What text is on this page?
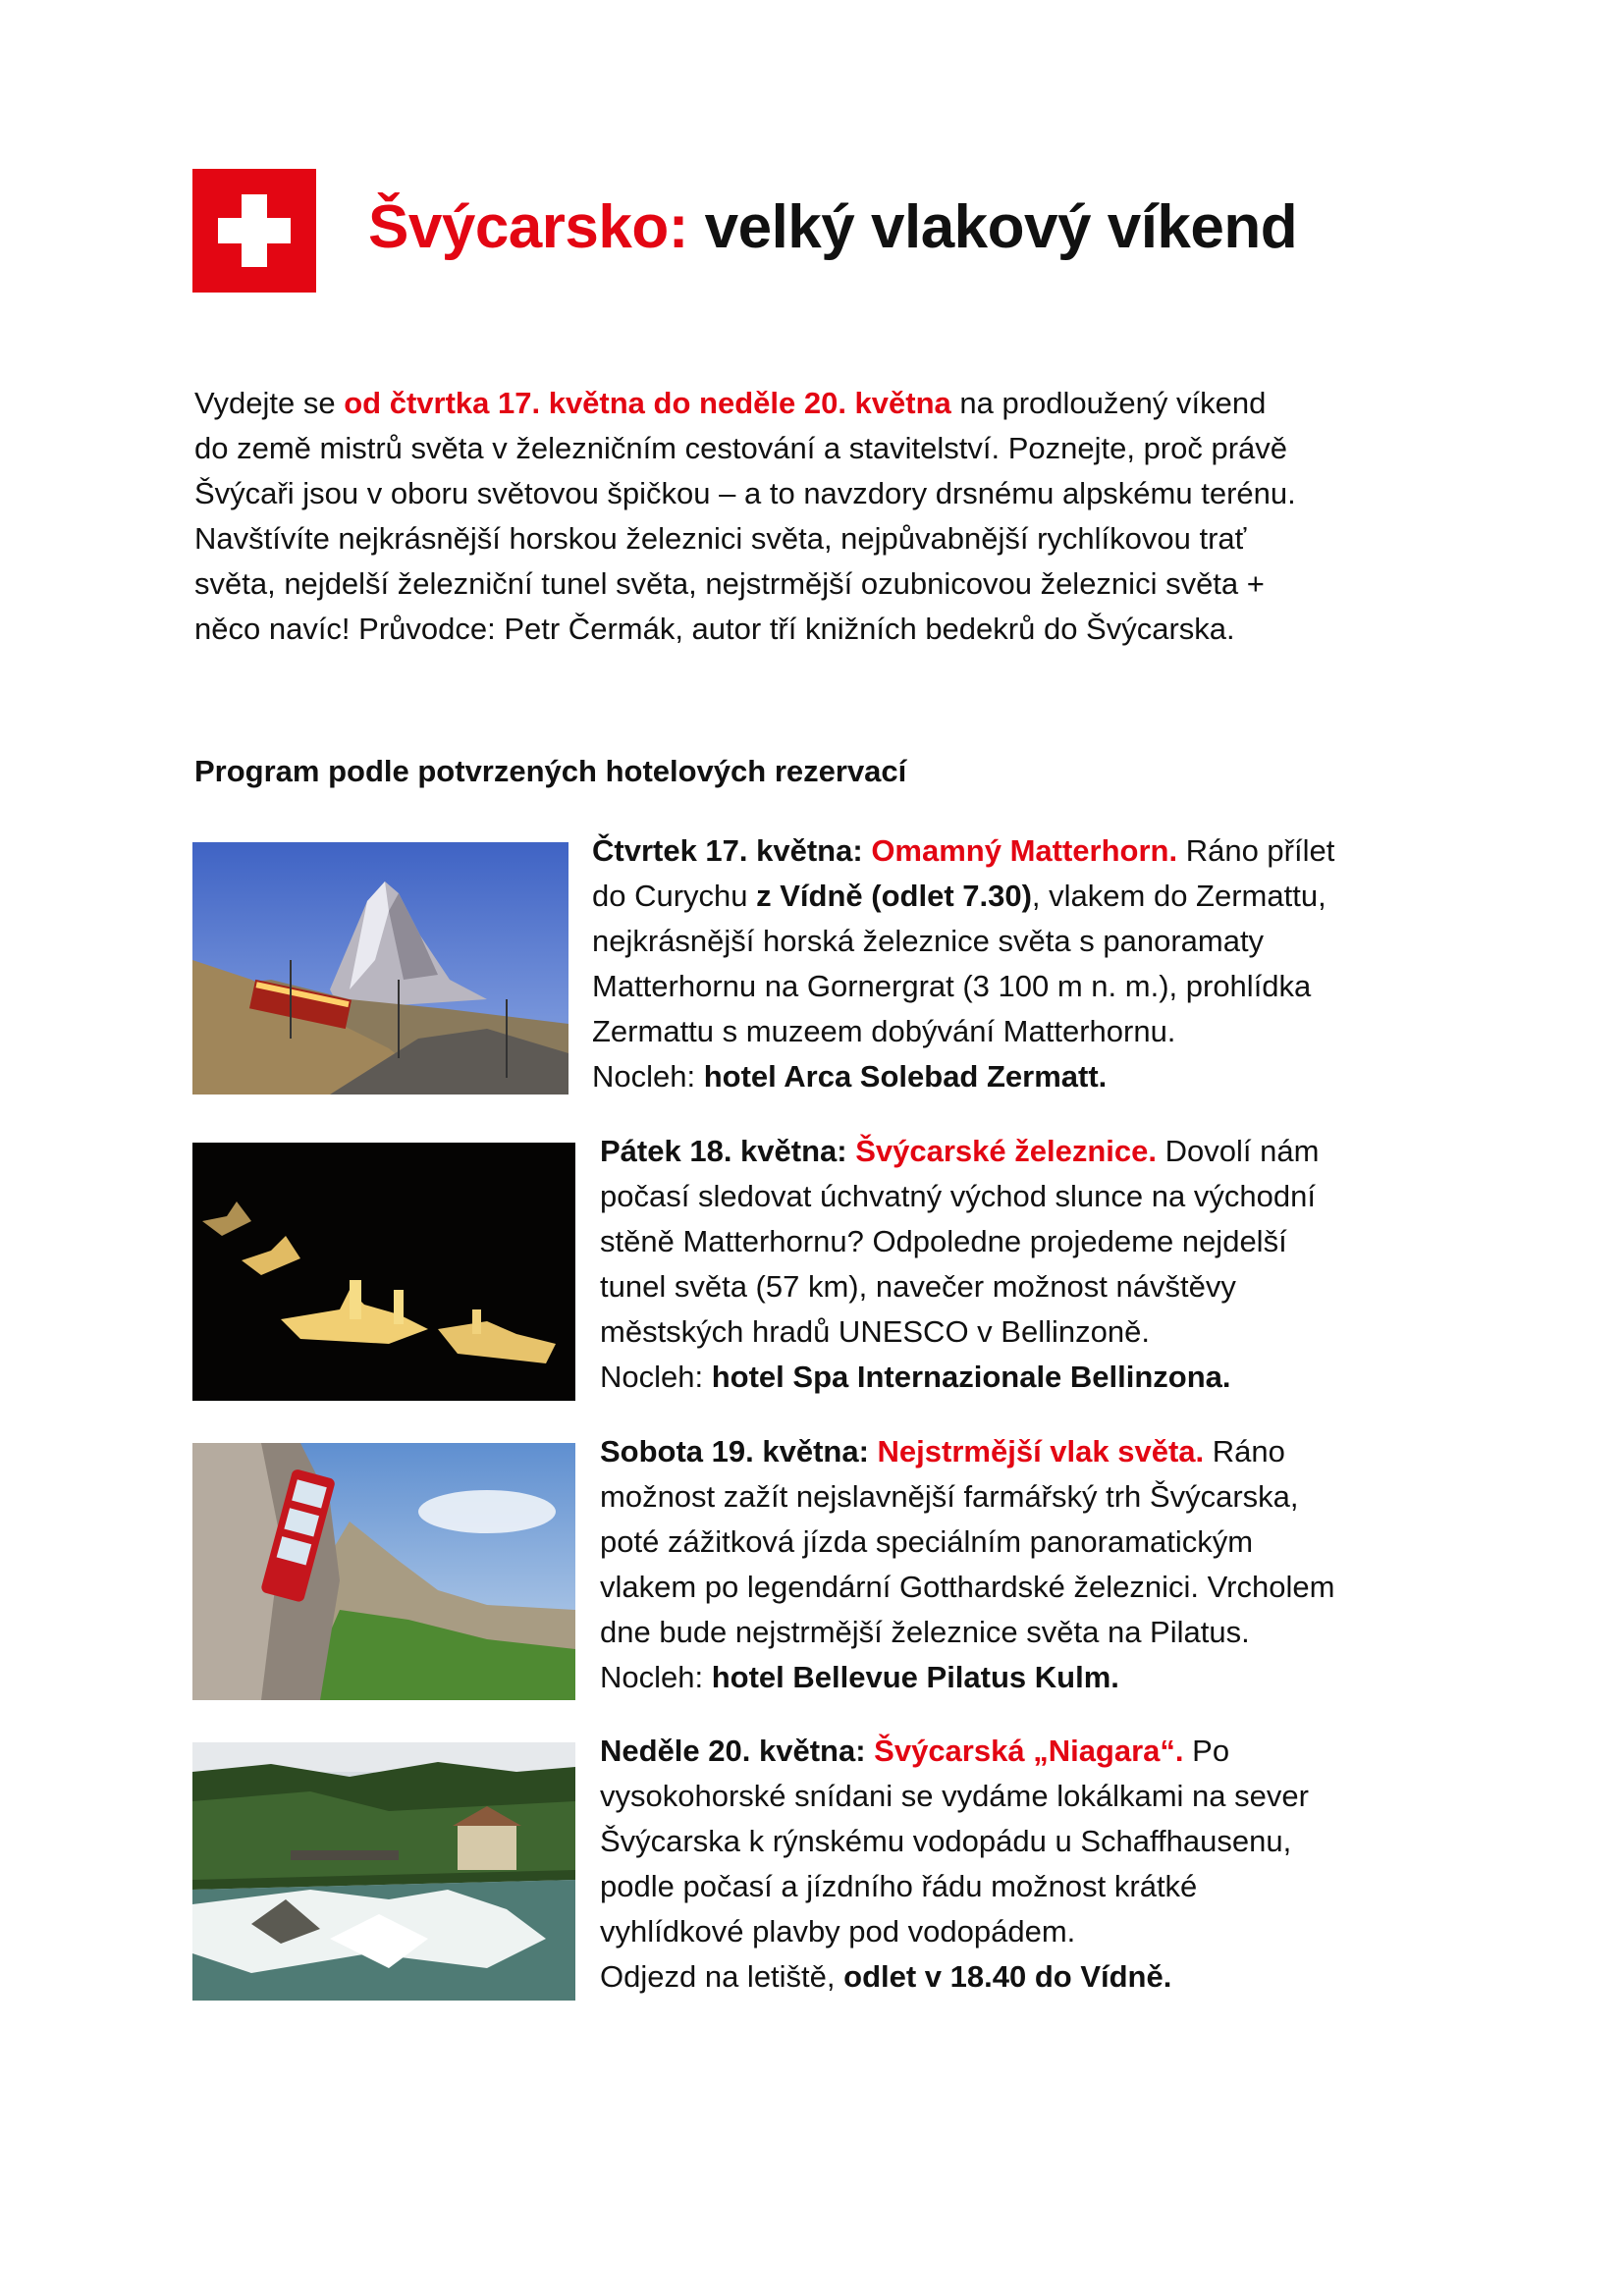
Švýcarsko: velký vlakový víkend

Vydejte se od čtvrtka 17. května do neděle 20. května na prodloužený víkend
do země mistrů světa v železničním cestování a stavitelství. Poznejte, proč právě
Švýcaři jsou v oboru světovou špičkou – a to navzdory drsnému alpskému terénu.
Navštívíte nejkrásnější horskou železnici světa, nejpůvabnější rychlíkovou trať
světa, nejdelší železniční tunel světa, nejstrmější ozubnicovou železnici světa +
něco navíc! Průvodce: Petr Čermák, autor tří knižních bedekrů do Švýcarska.

Program podle potvrzených hotelových rezervací

Čtvrtek 17. května: Omamný Matterhorn. Ráno přílet
do Curychu z Vídně (odlet 7.30), vlakem do Zermattu,
nejkrásnější horská železnice světa s panoramaty
Matterhornu na Gornergrat (3 100 m n. m.), prohlídka
Zermattu s muzeem dobývání Matterhornu.
Nocleh: hotel Arca Solebad Zermatt.

Pátek 18. května: Švýcarské železnice. Dovolí nám
počasí sledovat úchvatný východ slunce na východní
stěně Matterhornu? Odpoledne projedeme nejdelší
tunel světa (57 km), navečer možnost návštěvy
městských hradů UNESCO v Bellinzoně.
Nocleh: hotel Spa Internazionale Bellinzona.

Sobota 19. května: Nejstrmější vlak světa. Ráno
možnost zažít nejslavnější farmářský trh Švýcarska,
poté zážitková jízda speciálním panoramatickým
vlakem po legendární Gotthardské železnici. Vrcholem
dne bude nejstrmější železnice světa na Pilatus.
Nocleh: hotel Bellevue Pilatus Kulm.

Neděle 20. května: Švýcarská „Niagara“. Po
vysokohorské snídani se vydáme lokálkami na sever
Švýcarska k rýnskému vodopádu u Schaffhausenu,
podle počasí a jízdního řádu možnost krátké
vyhlídkové plavby pod vodopádem.
Odjezd na letiště, odlet v 18.40 do Vídně.
